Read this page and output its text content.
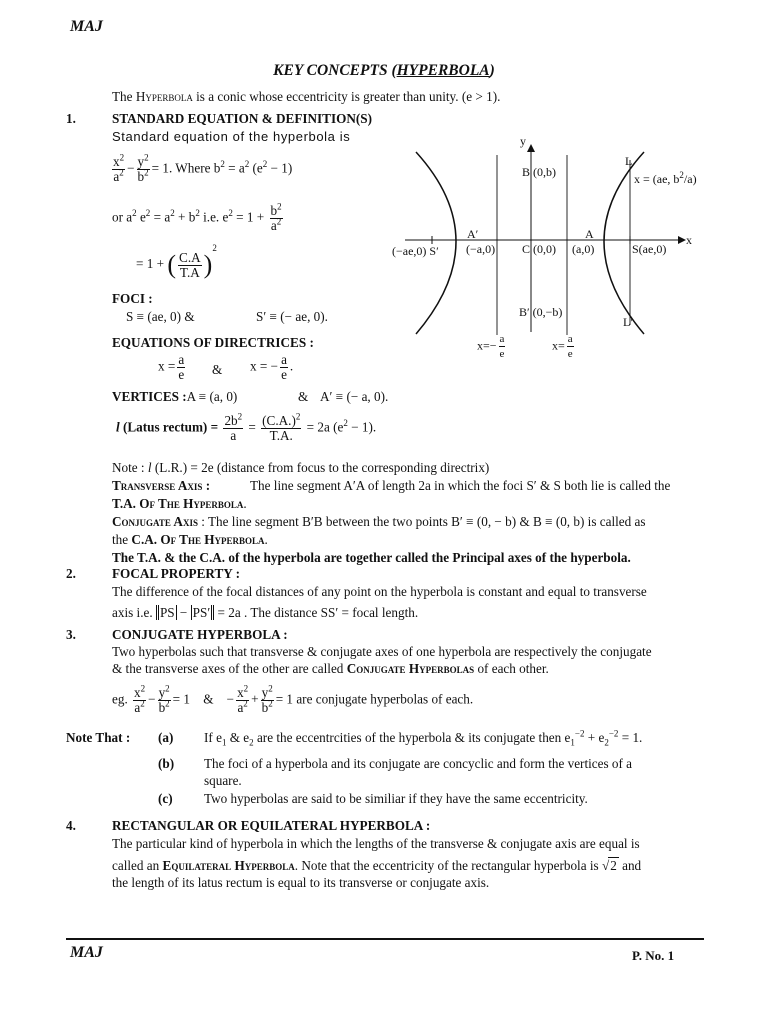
MAJ
KEY CONCEPTS (HYPERBOLA)
The Hyperbola is a conic whose eccentricity is greater than unity. (e > 1).
1.	STANDARD EQUATION & DEFINITION(S)
Standard equation of the hyperbola is
$\frac{x^2}{a^2} - \frac{y^2}{b^2} = 1$. Where $b^2 = a^2$ $(e^2 - 1)$
or $a^2$ $e^2 = a^2 + b^2$ i.e. $e^2 = 1 + \frac{b^2}{a^2}$
= 1 + ( $\frac{C.A}{T.A} )^2$
FOCI :
S ≡ (ae, 0) &	S′ ≡ (− ae, 0).
EQUATIONS OF DIRECTRICES :
$x = \frac{a}{e}$ & x = − $\frac{a}{e}$ .
VERTICES :A ≡ (a, 0)	& A′ ≡ (− a, 0).
l (Latus rectum) = $\frac{2b^2}{a} = \frac{(C.A.)^2}{T.A.} = 2a$ $(e^2 - 1)$.
Note : l (L.R.) = 2e (distance from focus to the corresponding directrix)
Transverse Axis :	The line segment A′A of length 2a in which the foci S′ & S both lie is called the
T.A. Of The Hyperbola.
Conjugate Axis : The line segment B′B between the two points B′ ≡ (0, − b) & B ≡ (0, b) is called as
the C.A. Of The Hyperbola.
The T.A. & the C.A. of the hyperbola are together called the Principal axes of the hyperbola.
y
x
B (0,b)
B′ (0,−b)
A′	A
C (0,0)
(−a,0)	(a,0)
(−ae,0) S′	S(ae,0)
L
L′
x = (ae, $b^2/a$)
$x=- \frac{a}{e}$	$x= \frac{a}{e}$
2.	FOCAL PROPERTY :
The difference of the focal distances of any point on the hyperbola is constant and equal to transverse
axis i.e. PS − PS′ = 2a . The distance SS′ = focal length.
3.	CONJUGATE HYPERBOLA :
Two hyperbolas such that transverse & conjugate axes of one hyperbola are respectively the conjugate
& the transverse axes of the other are called Conjugate Hyperbolas of each other.
eg. $\frac{x^2}{a^2} - \frac{y^2}{b^2} = 1$    &    − $\frac{x^2}{a^2} + \frac{y^2}{b^2} = 1$ are conjugate hyperbolas of each.
Note That : (a) If $e_1$ & $e_2$ are the eccentrcities of the hyperbola & its conjugate then $e_1^{-2} + e_2^{-2} = 1$.
(b) The foci of a hyperbola and its conjugate are concyclic and form the vertices of a
square.
(c) Two hyperbolas are said to be similiar if they have the same eccentricity.
4.	RECTANGULAR OR EQUILATERAL HYPERBOLA :
The particular kind of hyperbola in which the lengths of the transverse & conjugate axis are equal is
called an Equilateral Hyperbola. Note that the eccentricity of the rectangular hyperbola is √2 and
the length of its latus rectum is equal to its transverse or conjugate axis.
MAJ	P. No. 1
